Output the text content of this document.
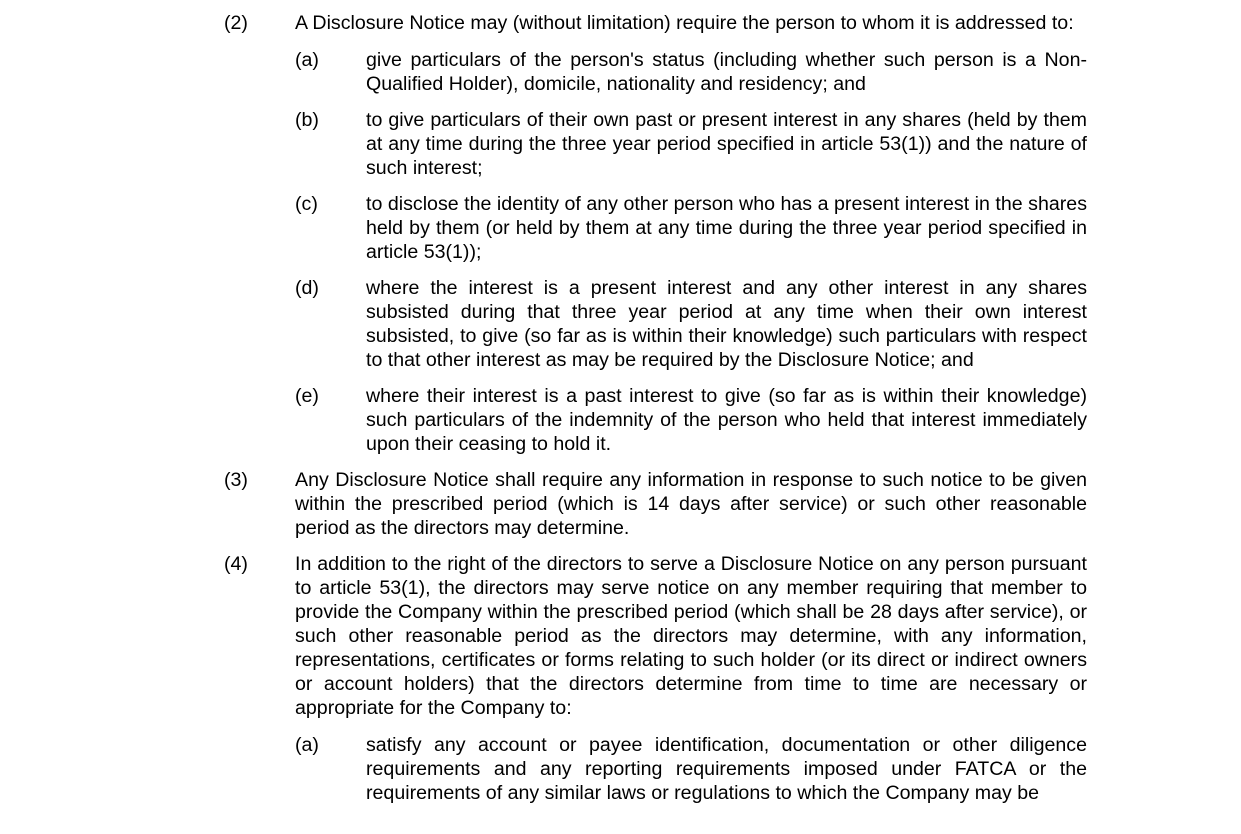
(2) A Disclosure Notice may (without limitation) require the person to whom it is addressed to:
(a) give particulars of the person's status (including whether such person is a Non-Qualified Holder), domicile, nationality and residency; and
(b) to give particulars of their own past or present interest in any shares (held by them at any time during the three year period specified in article 53(1)) and the nature of such interest;
(c) to disclose the identity of any other person who has a present interest in the shares held by them (or held by them at any time during the three year period specified in article 53(1));
(d) where the interest is a present interest and any other interest in any shares subsisted during that three year period at any time when their own interest subsisted, to give (so far as is within their knowledge) such particulars with respect to that other interest as may be required by the Disclosure Notice; and
(e) where their interest is a past interest to give (so far as is within their knowledge) such particulars of the indemnity of the person who held that interest immediately upon their ceasing to hold it.
(3) Any Disclosure Notice shall require any information in response to such notice to be given within the prescribed period (which is 14 days after service) or such other reasonable period as the directors may determine.
(4) In addition to the right of the directors to serve a Disclosure Notice on any person pursuant to article 53(1), the directors may serve notice on any member requiring that member to provide the Company within the prescribed period (which shall be 28 days after service), or such other reasonable period as the directors may determine, with any information, representations, certificates or forms relating to such holder (or its direct or indirect owners or account holders) that the directors determine from time to time are necessary or appropriate for the Company to:
(a) satisfy any account or payee identification, documentation or other diligence requirements and any reporting requirements imposed under FATCA or the requirements of any similar laws or regulations to which the Company may be
